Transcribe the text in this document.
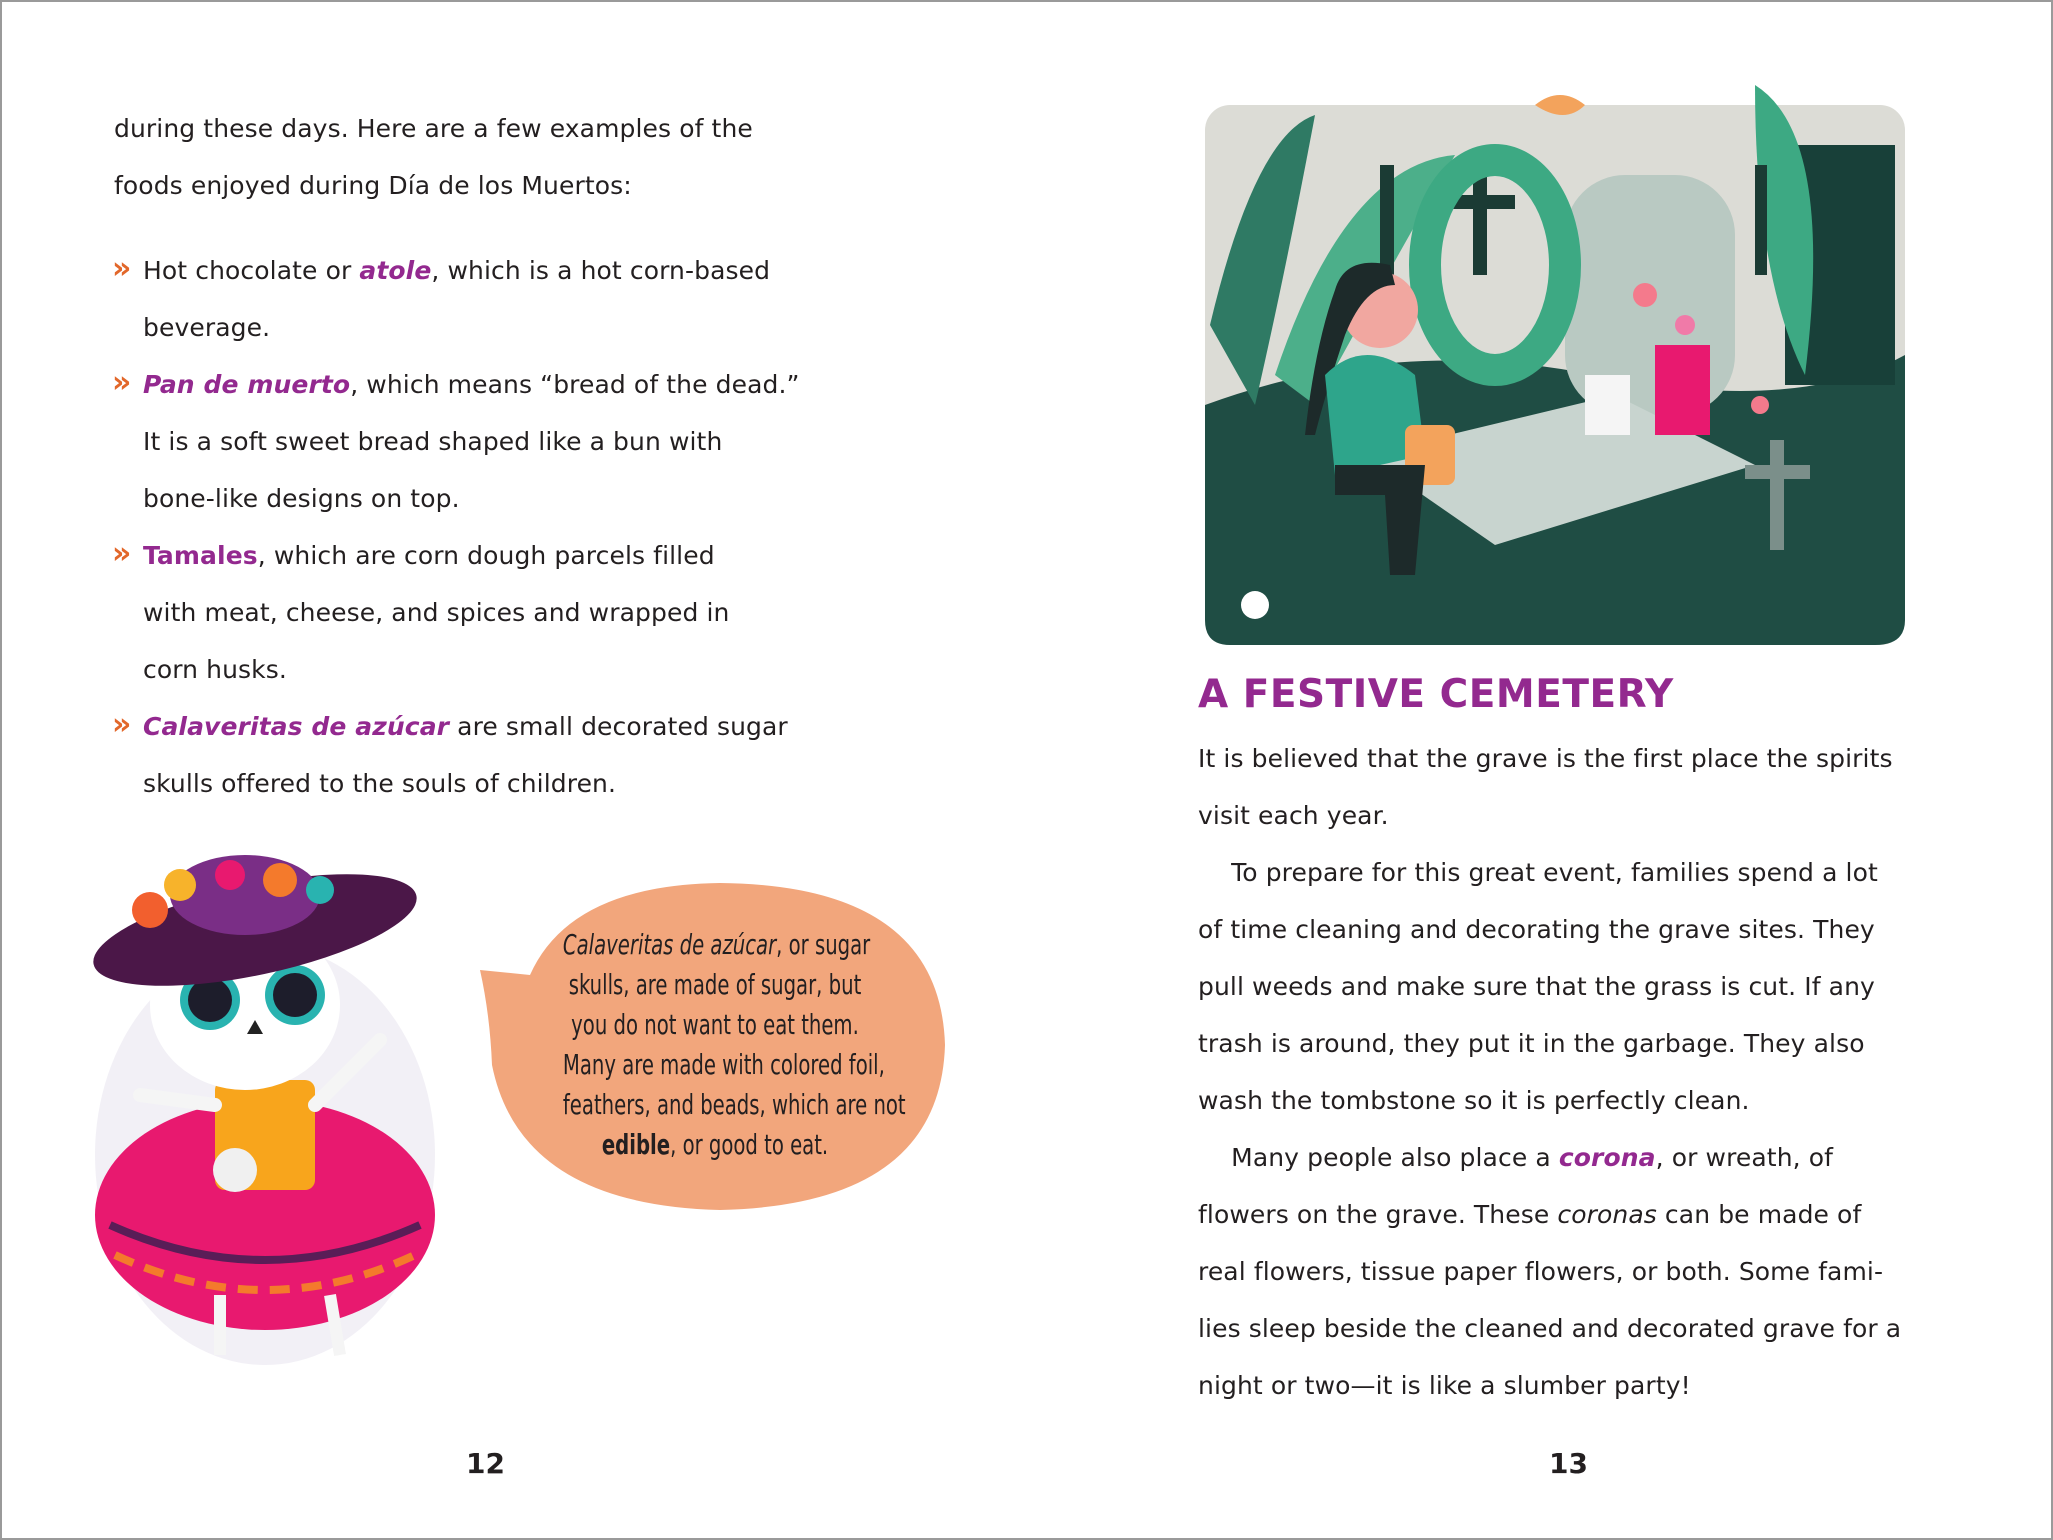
during these days. Here are a few examples of the
foods enjoyed during Día de los Muertos:
» Hot chocolate or atole, which is a hot corn-based
beverage.
» Pan de muerto, which means “bread of the dead.”
It is a soft sweet bread shaped like a bun with
bone-like designs on top.
» Tamales, which are corn dough parcels filled
with meat, cheese, and spices and wrapped in
corn husks.
» Calaveritas de azúcar are small decorated sugar
skulls offered to the souls of children.
Calaveritas de azúcar, or sugar
skulls, are made of sugar, but
you do not want to eat them.
Many are made with colored foil,
feathers, and beads, which are not
edible, or good to eat.
12
A FESTIVE CEMETERY
It is believed that the grave is the first place the spirits
visit each year.
  To prepare for this great event, families spend a lot
of time cleaning and decorating the grave sites. They
pull weeds and make sure that the grass is cut. If any
trash is around, they put it in the garbage. They also
wash the tombstone so it is perfectly clean.
  Many people also place a corona, or wreath, of
flowers on the grave. These coronas can be made of
real flowers, tissue paper flowers, or both. Some fami-
lies sleep beside the cleaned and decorated grave for a
night or two—it is like a slumber party!
13
